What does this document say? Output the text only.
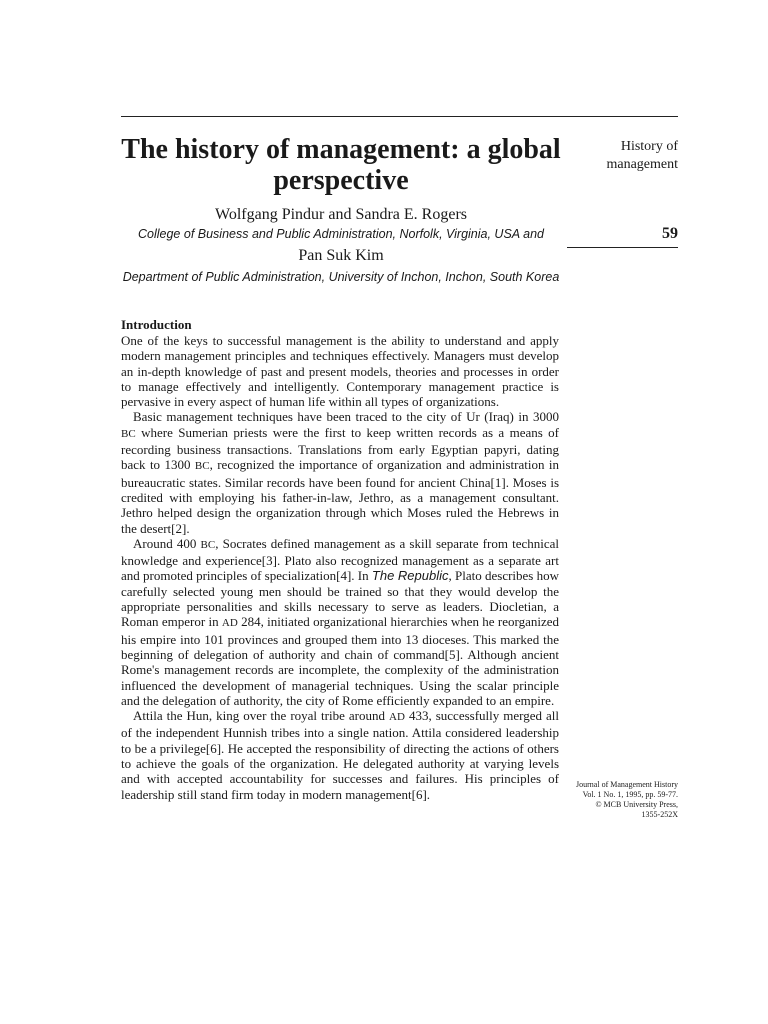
History of
management
59
The history of management: a global perspective
Wolfgang Pindur and Sandra E. Rogers
College of Business and Public Administration, Norfolk, Virginia, USA and
Pan Suk Kim
Department of Public Administration, University of Inchon, Inchon, South Korea
Introduction

One of the keys to successful management is the ability to understand and apply modern management principles and techniques effectively. Managers must develop an in-depth knowledge of past and present models, theories and processes in order to manage effectively and intelligently. Contemporary management practice is pervasive in every aspect of human life within all types of organizations.

Basic management techniques have been traced to the city of Ur (Iraq) in 3000 BC where Sumerian priests were the first to keep written records as a means of recording business transactions. Translations from early Egyptian papyri, dating back to 1300 BC, recognized the importance of organization and administration in bureaucratic states. Similar records have been found for ancient China[1]. Moses is credited with employing his father-in-law, Jethro, as a management consultant. Jethro helped design the organization through which Moses ruled the Hebrews in the desert[2].

Around 400 BC, Socrates defined management as a skill separate from technical knowledge and experience[3]. Plato also recognized management as a separate art and promoted principles of specialization[4]. In The Republic, Plato describes how carefully selected young men should be trained so that they would develop the appropriate personalities and skills necessary to serve as leaders. Diocletian, a Roman emperor in AD 284, initiated organizational hierarchies when he reorganized his empire into 101 provinces and grouped them into 13 dioceses. This marked the beginning of delegation of authority and chain of command[5]. Although ancient Rome's management records are incomplete, the complexity of the administration influenced the development of managerial techniques. Using the scalar principle and the delegation of authority, the city of Rome efficiently expanded to an empire.

Attila the Hun, king over the royal tribe around AD 433, successfully merged all of the independent Hunnish tribes into a single nation. Attila considered leadership to be a privilege[6]. He accepted the responsibility of directing the actions of others to achieve the goals of the organization. He delegated authority at varying levels and with accepted accountability for successes and failures. His principles of leadership still stand firm today in modern management[6].

Journal of Management History
Vol. 1 No. 1, 1995, pp. 59-77.
© MCB University Press,
1355-252X
